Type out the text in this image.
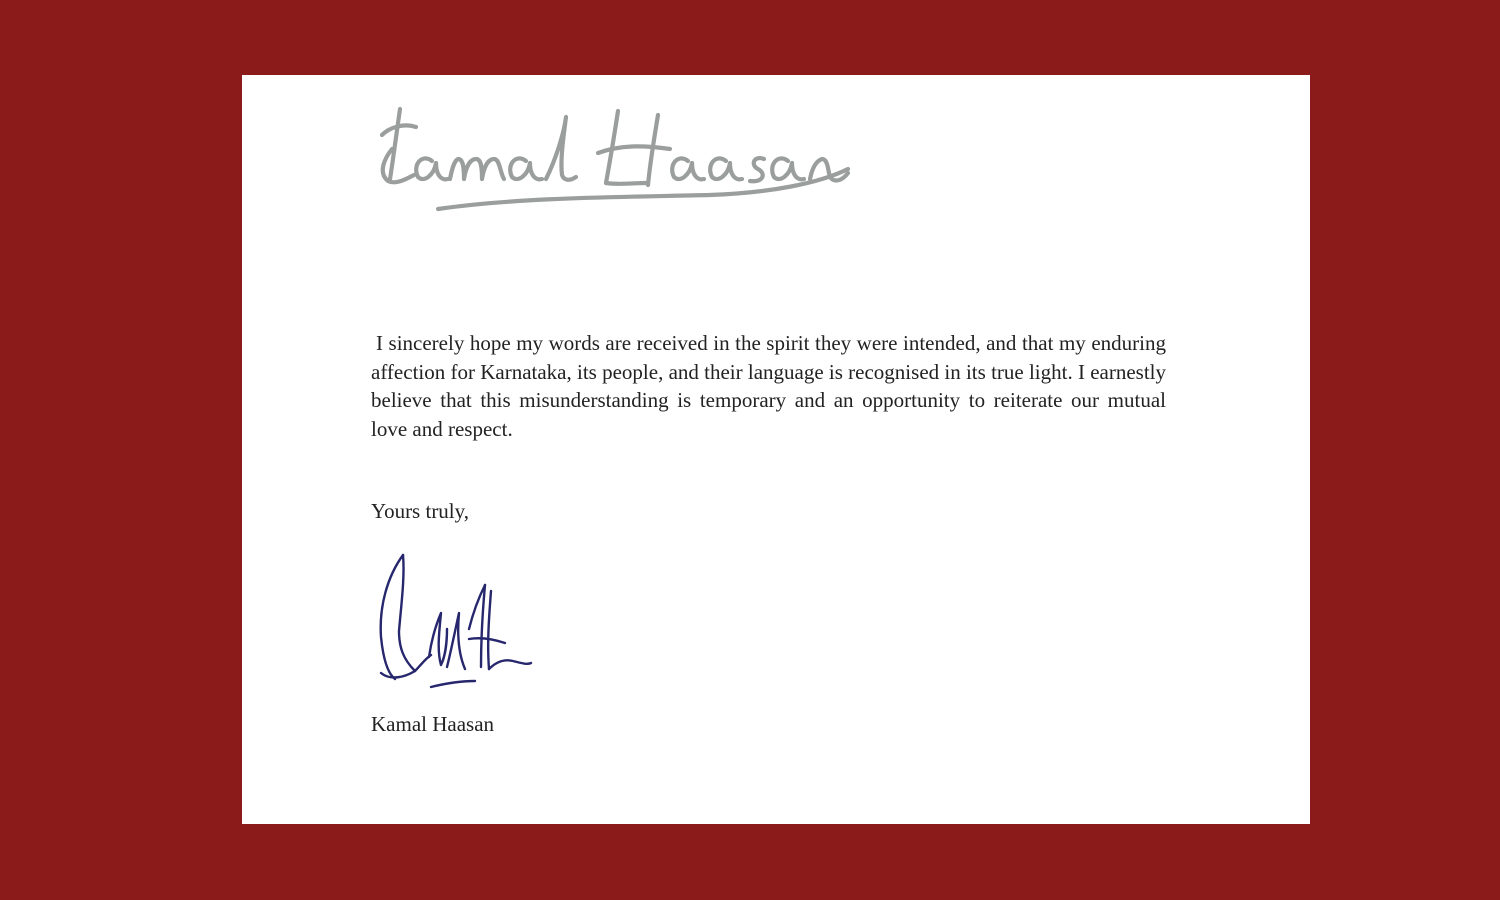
I sincerely hope my words are received in the spirit they were intended, and that my enduring affection for Karnataka, its people, and their language is recognised in its true light. I earnestly believe that this misunderstanding is temporary and an opportunity to reiterate our mutual love and respect.

Yours truly,

Kamal Haasan
